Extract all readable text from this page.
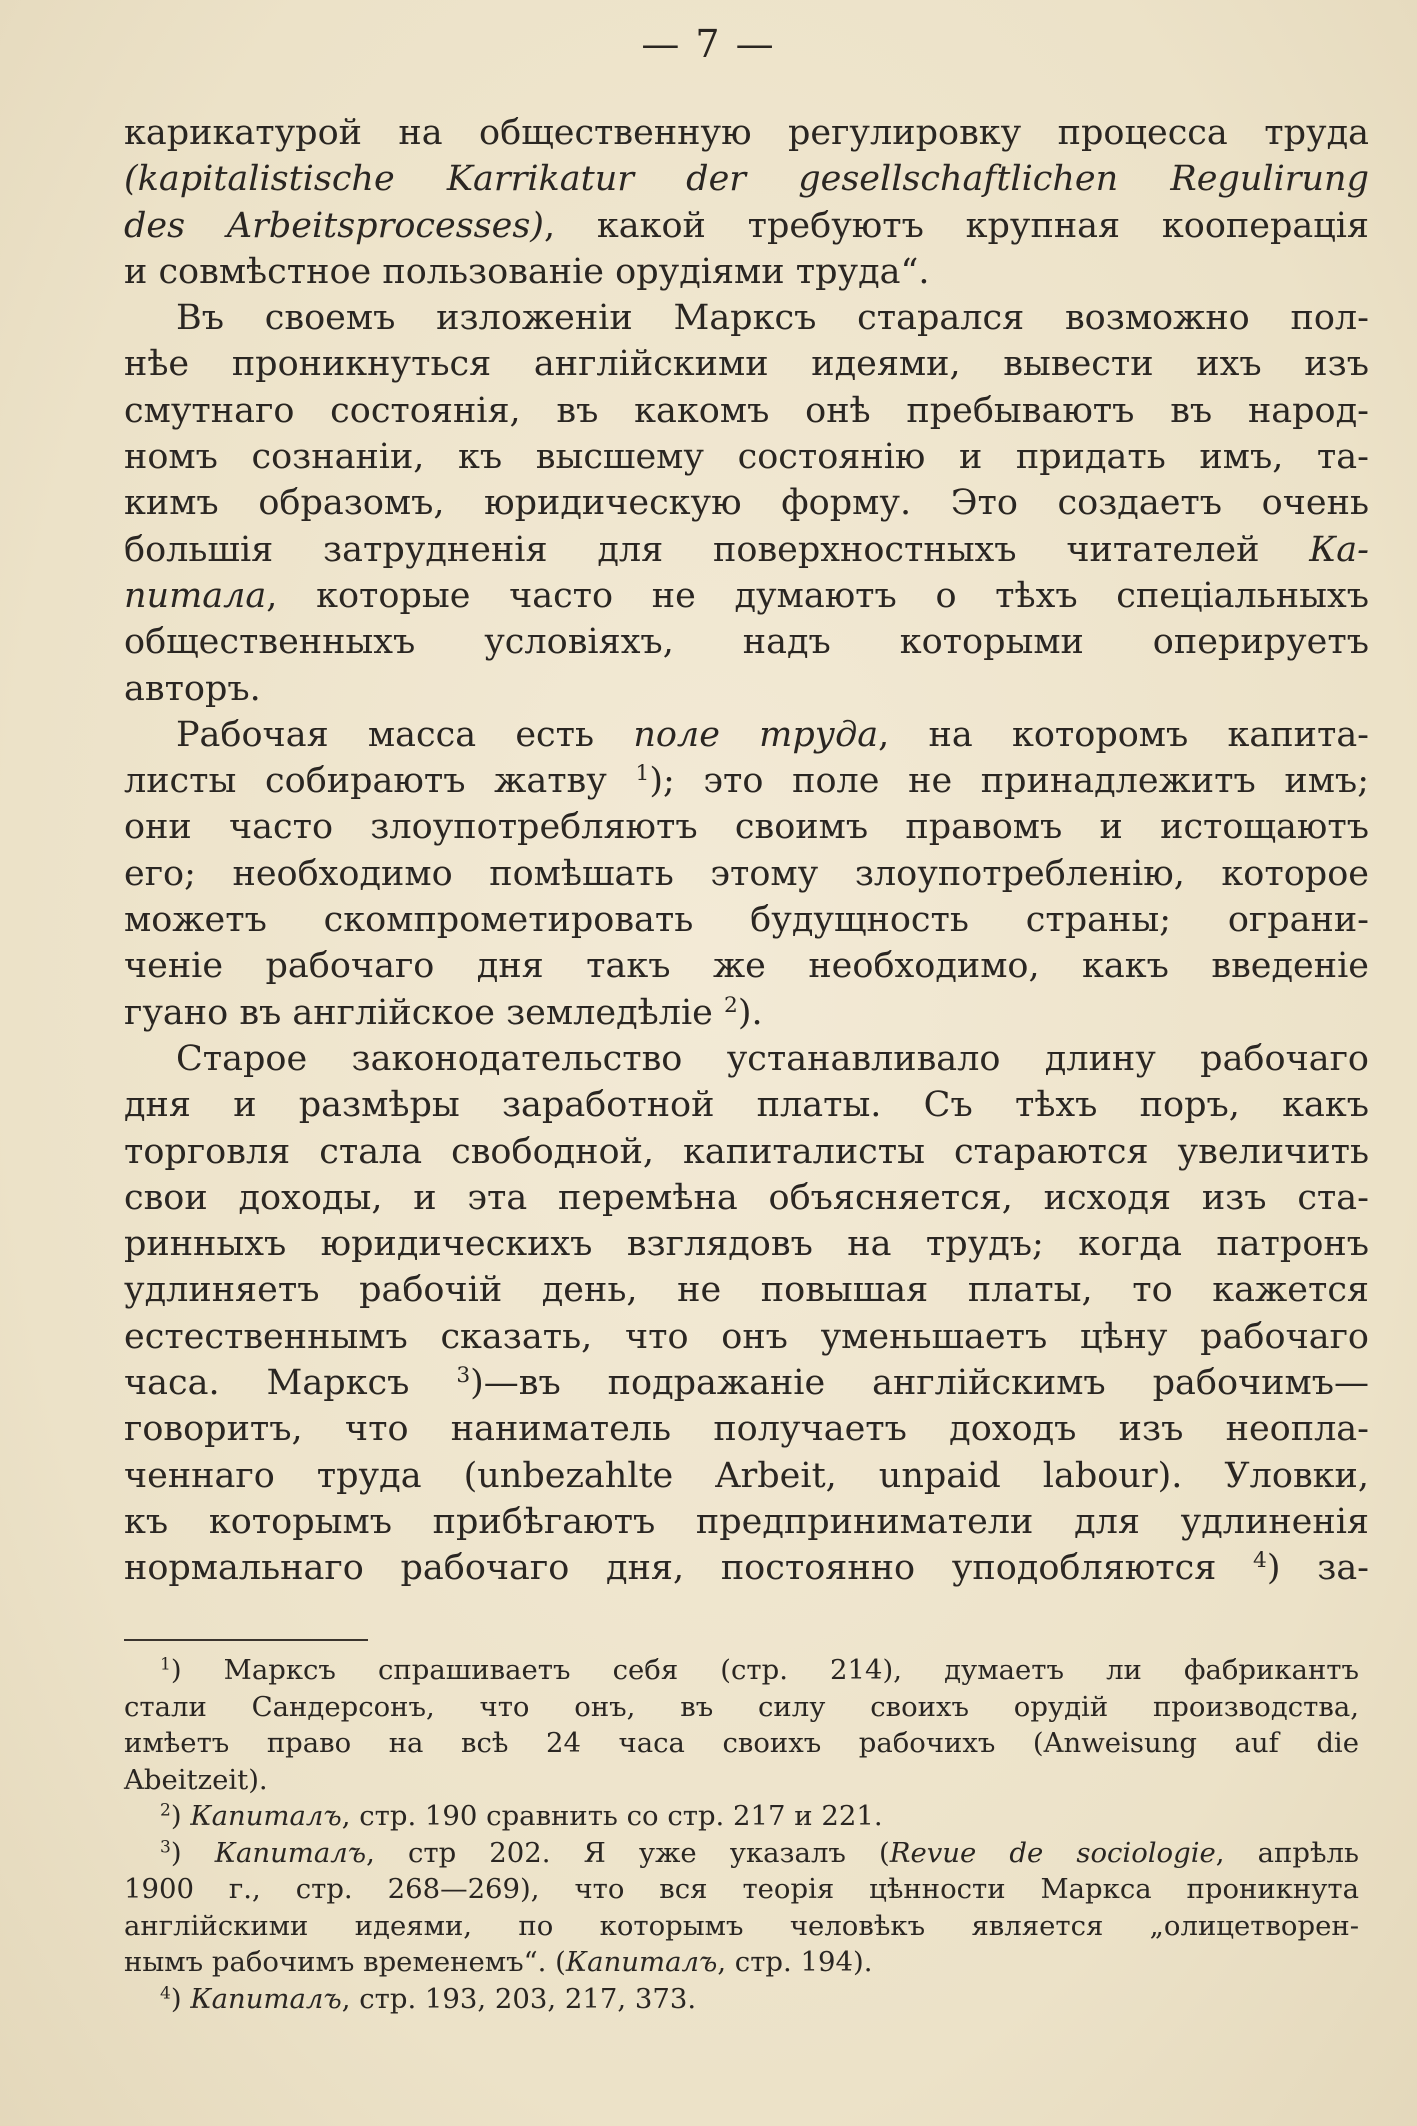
— 7 —
карикатурой на общественную регулировку процесса труда
(kapitalistische Karrikatur der gesellschaftlichen Regulirung
des Arbeitsprocesses), какой требуютъ крупная кооперація
и совмѣстное пользованіе орудіями труда“.
Въ своемъ изложеніи Марксъ старался возможно пол-
нѣе проникнуться англійскими идеями, вывести ихъ изъ
смутнаго состоянія, въ какомъ онѣ пребываютъ въ народ-
номъ сознаніи, къ высшему состоянію и придать имъ, та-
кимъ образомъ, юридическую форму. Это создаетъ очень
большія затрудненія для поверхностныхъ читателей Ка-
питала, которые часто не думаютъ о тѣхъ спеціальныхъ
общественныхъ условіяхъ, надъ которыми оперируетъ
авторъ.
Рабочая масса есть поле труда, на которомъ капита-
листы собираютъ жатву $^1$); это поле не принадлежитъ имъ;
они часто злоупотребляютъ своимъ правомъ и истощаютъ
его; необходимо помѣшать этому злоупотребленію, которое
можетъ скомпрометировать будущность страны; ограни-
ченіе рабочаго дня такъ же необходимо, какъ введеніе
гуано въ англійское земледѣліе $^2$).
Старое законодательство устанавливало длину рабочаго
дня и размѣры заработной платы. Съ тѣхъ поръ, какъ
торговля стала свободной, капиталисты стараются увеличить
свои доходы, и эта перемѣна объясняется, исходя изъ ста-
ринныхъ юридическихъ взглядовъ на трудъ; когда патронъ
удлиняетъ рабочій день, не повышая платы, то кажется
естественнымъ сказать, что онъ уменьшаетъ цѣну рабочаго
часа. Марксъ $^3$)—въ подражаніе англійскимъ рабочимъ—
говоритъ, что наниматель получаетъ доходъ изъ неопла-
ченнаго труда (unbezahlte Arbeit, unpaid labour). Уловки,
къ которымъ прибѣгаютъ предприниматели для удлиненія
нормальнаго рабочаго дня, постоянно уподобляются $^4$) за-
$^1$) Марксъ спрашиваетъ себя (стр. 214), думаетъ ли фабрикантъ
стали Сандерсонъ, что онъ, въ силу своихъ орудій производства,
имѣетъ право на всѣ 24 часа своихъ рабочихъ (Anweisung auf die
Abeitzeit).
$^2$) Капиталъ, стр. 190 сравнить со стр. 217 и 221.
$^3$) Капиталъ, стр 202. Я уже указалъ (Revue de sociologie, апрѣль
1900 г., стр. 268—269), что вся теорія цѣнности Маркса проникнута
англійскими идеями, по которымъ человѣкъ является „олицетворен-
нымъ рабочимъ временемъ“. (Капиталъ, стр. 194).
$^4$) Капиталъ, стр. 193, 203, 217, 373.
